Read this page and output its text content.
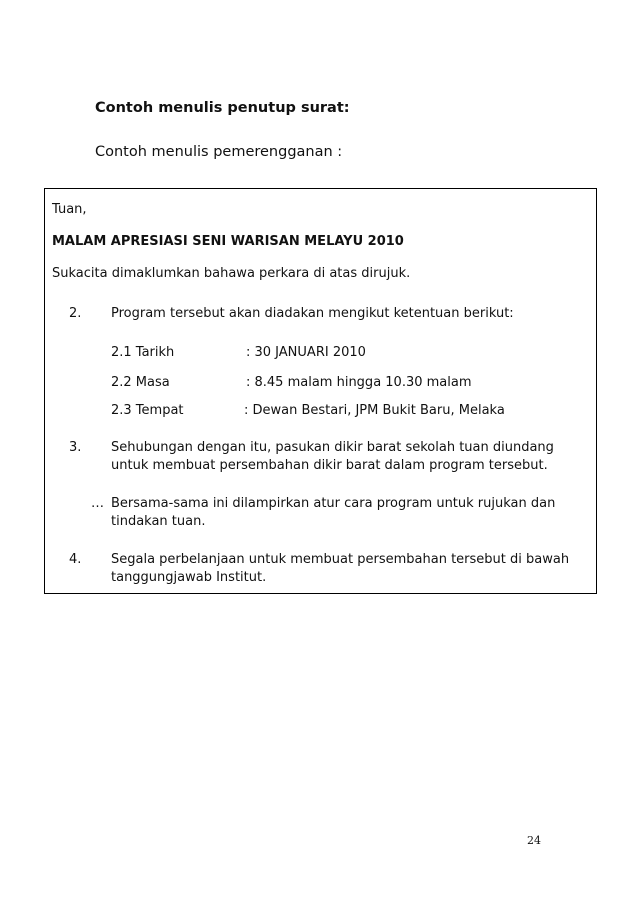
Contoh menulis penutup surat:
Contoh menulis pemerengganan :
Tuan,
MALAM APRESIASI SENI WARISAN MELAYU 2010
Sukacita dimaklumkan bahawa perkara di atas dirujuk.
2. Program tersebut akan diadakan mengikut ketentuan berikut:
2.1 Tarikh	: 30 JANUARI 2010
2.2 Masa	: 8.45 malam hingga 10.30 malam
2.3 Tempat	: Dewan Bestari, JPM Bukit Baru, Melaka
3. Sehubungan dengan itu, pasukan dikir barat sekolah tuan diundang
untuk membuat persembahan dikir barat dalam program tersebut.
… Bersama-sama ini dilampirkan atur cara program untuk rujukan dan
tindakan tuan.
4. Segala perbelanjaan untuk membuat persembahan tersebut di bawah
tanggungjawab Institut.
24
